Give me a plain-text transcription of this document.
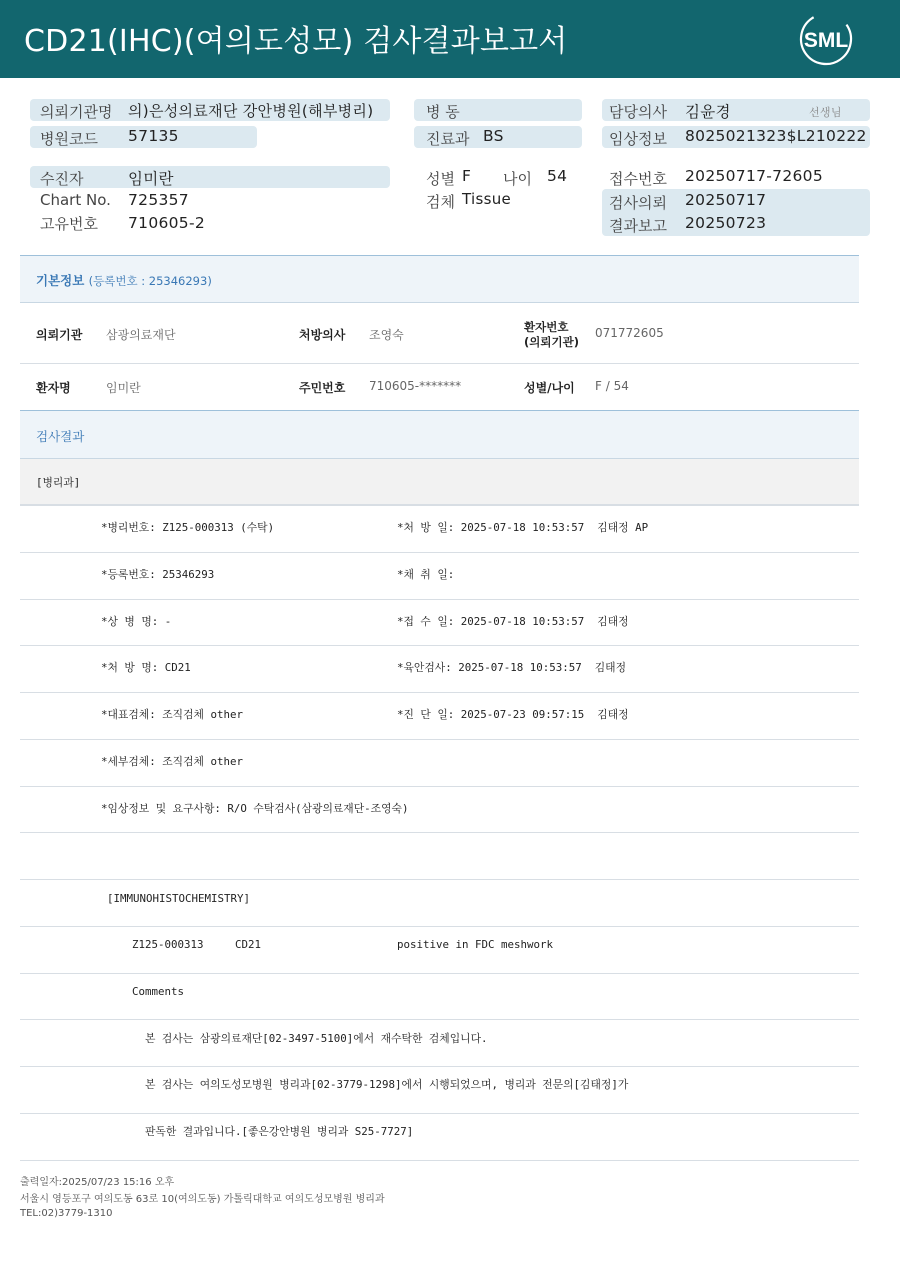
CD21(IHC)(여의도성모) 검사결과보고서	SML
의뢰기관명 의)은성의료재단 강안병원(해부병리)
병원코드 57135
수진자	임미란
Chart No. 725357
고유번호 710605-2
병 동
진료과 BS
성별 F 나이 54
검체 Tissue
담당의사 김윤경	선생님
임상정보 8025021323$L210222
접수번호 20250717-72605
검사의뢰 20250717
결과보고 20250723
기본정보 (등록번호 : 25346293)
의뢰기관 삼광의료재단	처방의사 조영숙
환자번호
(의뢰기관)
071772605
환자명	임미란	주민번호 710605-*******	성별/나이 F / 54
검사결과
[병리과]
*병리번호: Z125-000313 (수탁)
*등록번호: 25346293
*상 병 명: -
*처 방 명: CD21
*대표검체: 조직검체 other
*세부검체: 조직검체 other
*임상정보 및 요구사항: R/O 수탁검사(삼광의료재단-조영숙)
*처 방 일: 2025-07-18 10:53:57  김태정 AP
*채 취 일:
*접 수 일: 2025-07-18 10:53:57  김태정
*육안검사: 2025-07-18 10:53:57  김태정
*진 단 일: 2025-07-23 09:57:15  김태정
[IMMUNOHISTOCHEMISTRY]
Z125-000313	CD21	positive in FDC meshwork
Comments
본 검사는 삼광의료재단[02-3497-5100]에서 재수탁한 검체입니다.
본 검사는 여의도성모병원 병리과[02-3779-1298]에서 시행되었으며, 병리과 전문의[김태정]가
판독한 결과입니다.[좋은강안병원 병리과 S25-7727]
출력일자:2025/07/23 15:16 오후
서울시 영등포구 여의도동 63로 10(여의도동) 가톨릭대학교 여의도성모병원 병리과
TEL:02)3779-1310
